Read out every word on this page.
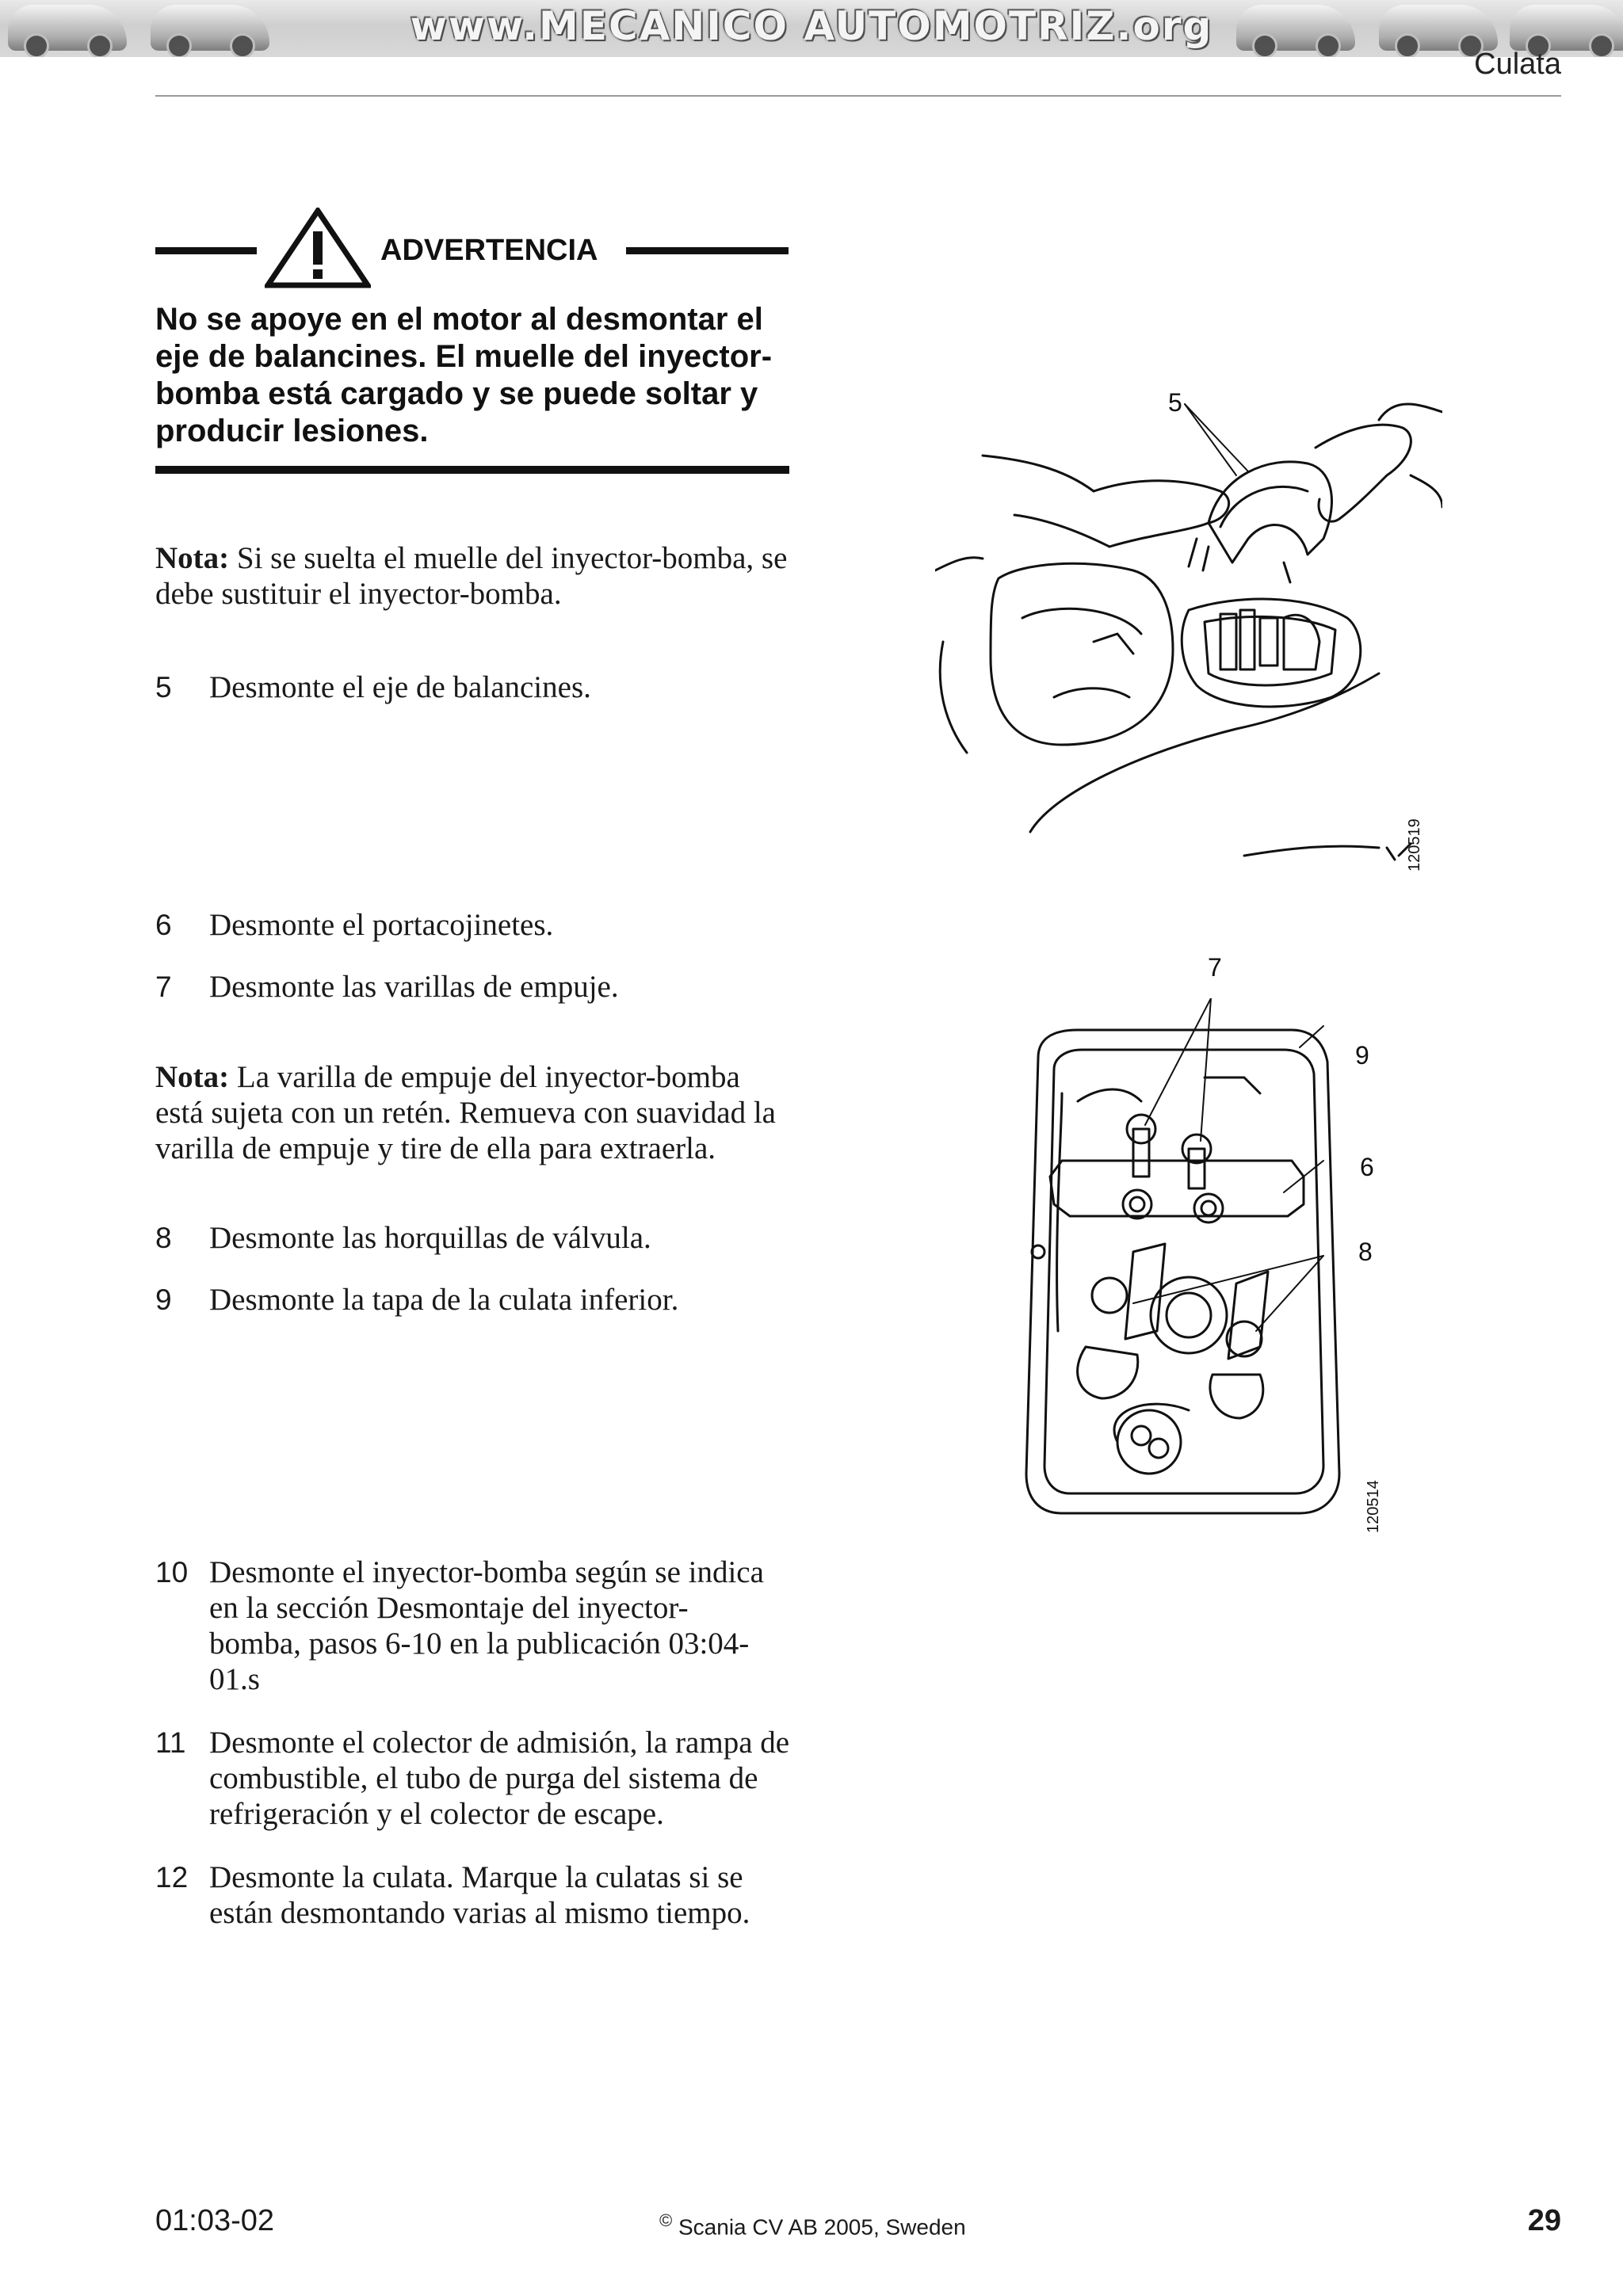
www.MECANICO AUTOMOTRIZ.org
Culata
ADVERTENCIA
No se apoye en el motor al desmontar el eje de balancines. El muelle del inyector-bomba está cargado y se puede soltar y producir lesiones.
Nota: Si se suelta el muelle del inyector-bomba, se debe sustituir el inyector-bomba.
5	Desmonte el eje de balancines.
6	Desmonte el portacojinetes.
7	Desmonte las varillas de empuje.
Nota: La varilla de empuje del inyector-bomba está sujeta con un retén. Remueva con suavidad la varilla de empuje y tire de ella para extraerla.
8	Desmonte las horquillas de válvula.
9	Desmonte la tapa de la culata inferior.
10 Desmonte el inyector-bomba según se indica en la sección Desmontaje del inyector-bomba, pasos 6-10 en la publicación 03:04-01.s
11 Desmonte el colector de admisión, la rampa de combustible, el tubo de purga del sistema de refrigeración y el colector de escape.
12 Desmonte la culata. Marque la culatas si se están desmontando varias al mismo tiempo.
5
120519
7
9
6
8
120514
01:03-02	© Scania CV AB 2005, Sweden	29
